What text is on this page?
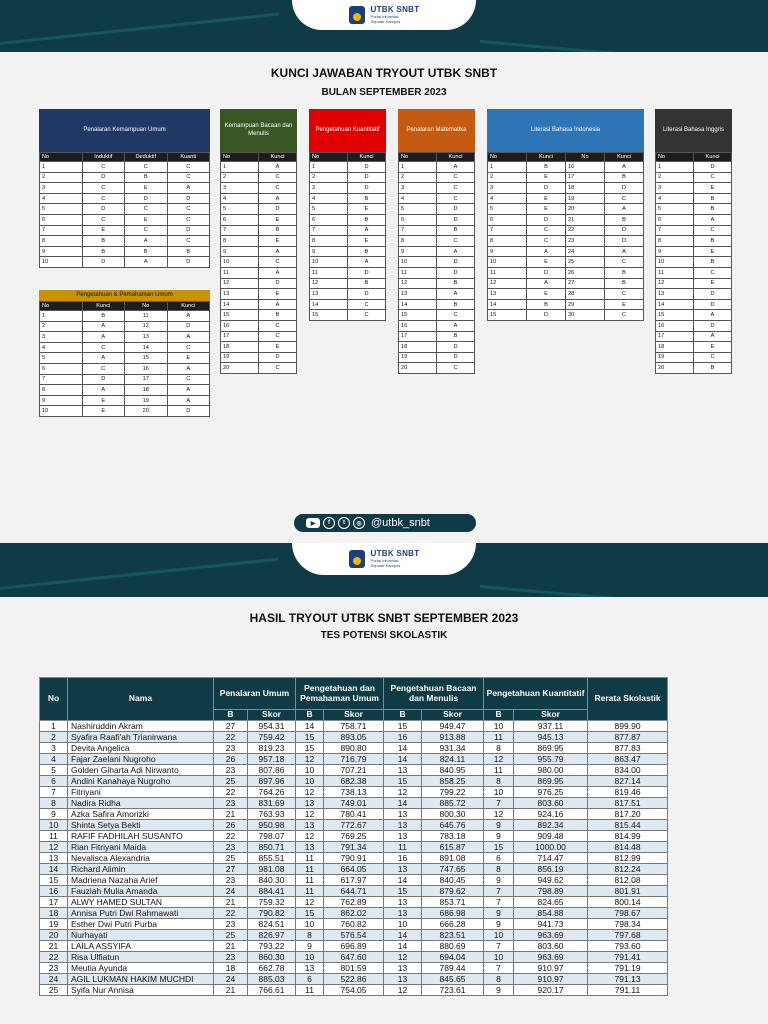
UTBK SNBT
Portal Informasi
Seputar Kampus
KUNCI JAWABAN TRYOUT UTBK SNBT
BULAN SEPTEMBER 2023
Penalaran Kemampuan Umum
No	Induktif	Deduktif	Kuanti
1	C	C	C
2	D	B	C
3	C	E	A
4	C	D	D
5	D	C	C
6	C	E	C
7	E	C	D
8	B	A	C
9	B	B	B
10	D	A	D
Pengetahuan & Pemahaman Umum
No	Kunci	No	Kunci
1	B	11	A
2	A	12	D
3	A	13	A
4	C	14	C
5	A	15	E
6	C	16	A
7	D	17	C
8	A	18	A
9	E	19	A
10	E	20	D
Kemampuan Bacaan dan Menulis
No	Kunci
1	A
2	C
3	C
4	A
5	D
6	E
7	B
8	E
9	A
10	C
11	A
12	D
13	E
14	A
15	B
16	C
17	C
18	E
19	D
20	C
Pengetahuan Kuantitatif
No	Kunci
1	D
2	D
3	D
4	B
5	E
6	B
7	A
8	E
9	B
10	A
11	D
12	B
13	D
14	C
15	C
Penalaran Matematika
No	Kunci
1	A
2	C
3	C
4	C
5	D
6	D
7	B
8	C
9	A
10	D
11	D
12	B
13	A
14	B
15	C
16	A
17	B
18	D
19	D
20	C
Literasi Bahasa Indonesia
No	Kunci	No	Kunci
1	B	16	A
2	E	17	B
3	D	18	D
4	E	19	C
5	E	20	A
6	D	21	B
7	C	22	D
8	C	23	D
9	A	24	A
10	E	25	C
11	D	26	B
12	A	27	B
13	E	28	C
14	B	29	E
15	D	30	C
Literasi Bahasa Inggris
No	Kunci
1	D
2	C
3	E
4	B
5	B
6	A
7	C
8	B
9	E
10	B
11	C
12	E
13	D
14	D
15	A
16	D
17	A
18	E
19	C
20	B
▶	f	t	◎ @utbk_snbt
UTBK SNBT
Portal Informasi
Seputar Kampus
HASIL TRYOUT UTBK SNBT SEPTEMBER 2023
TES POTENSI SKOLASTIK
No	Nama	Penalaran Umum		Pengetahuan dan Pemahaman Umum		Pengetahuan Bacaan dan Menulis		Pengetahuan Kuantitatif		Rerata Skolastik
		B	Skor	B	Skor	B	Skor	B	Skor	
1	Nashiruddin Akram	27	954.31	14	758.71	15	949.47	10	937.11	899.90
2	Syafira Raafi'ah Trianirwana	22	759.42	15	893.05	16	913.88	11	945.13	877.87
3	Devita Angelica	23	819.23	15	890.80	14	931.34	8	869.95	877.83
4	Fajar Zaelani Nugroho	26	957.18	12	716.79	14	824.11	12	955.79	863.47
5	Golden Giharta Adi Nirwanto	23	807.86	10	707.21	13	840.95	11	980.00	834.00
6	Andini Kanahaya Nugroho	25	897.96	10	682.38	15	858.25	8	869.95	827.14
7	Fitriyani	22	764.26	12	738.13	12	799.22	10	976.25	819.46
8	Nadira Ridha	23	831.69	13	749.01	14	885.72	7	803.60	817.51
9	Azka Safira Amorizki	21	763.93	12	780.41	13	800.30	12	924.16	817.20
10	Shinta Setya Bekti	26	950.98	13	772.67	13	645.76	9	892.34	815.44
11	RAFIF FADHILAH SUSANTO	22	798.07	12	769.25	13	783.18	9	909.48	814.99
12	Rian Fitriyani Maida	23	850.71	13	791.34	11	615.87	15	1000.00	814.48
13	Nevalisca Alexandria	25	855.51	11	790.91	16	891.08	6	714.47	812.99
14	Richard Alimin	27	981.08	11	664.05	13	747.65	8	856.19	812.24
15	Madriena Nazaha Arief	23	840.30	11	617.97	14	840.45	9	949.62	812.08
16	Fauziah Mulia Amanda	24	884.41	11	644.71	15	879.62	7	798.89	801.91
17	ALWY HAMED SULTAN	21	759.32	12	762.89	13	853.71	7	824.65	800.14
18	Annisa Putri Dwi Rahmawati	22	790.82	15	862.02	13	686.98	9	854.88	798.67
19	Esther Dwi Putri Purba	23	824.51	10	760.82	10	666.28	9	941.73	798.34
20	Nurhayati	25	826.97	8	576.54	14	823.51	10	963.69	797.68
21	LAILA ASSYIFA	21	793.22	9	696.89	14	880.69	7	803.60	793.60
22	Risa Ulfiatun	23	860.30	10	647.60	12	694.04	10	963.69	791.41
23	Meutia Ayunda	18	662.78	13	801.59	13	789.44	7	910.97	791.19
24	AGIL LUKMAN HAKIM MUCHDI	24	885.03	6	522.86	13	845.65	8	910.97	791.13
25	Syifa Nur Annisa	21	766.61	11	754.05	12	723.61	9	920.17	791.11
